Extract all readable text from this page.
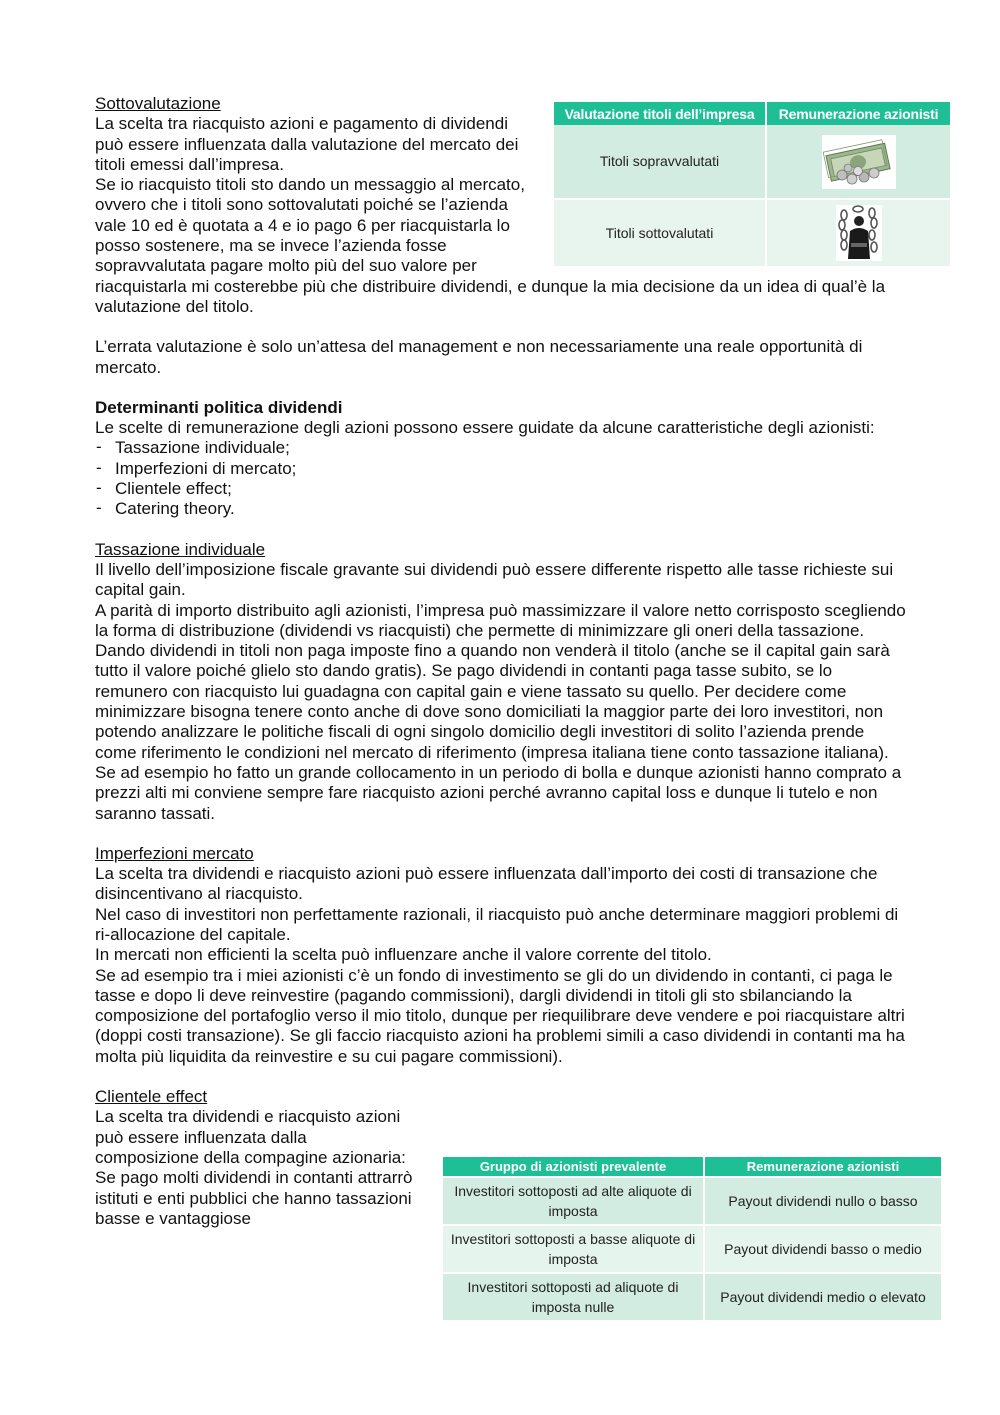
Valutazione titoli dell’impresa	Remunerazione azionisti
Titoli sopravvalutati	
Titoli sottovalutati	

Sottovalutazione

La scelta tra riacquisto azioni e pagamento di dividendi può essere influenzata dalla valutazione del mercato dei titoli emessi dall’impresa.

Se io riacquisto titoli sto dando un messaggio al mercato, ovvero che i titoli sono sottovalutati poiché se l’azienda vale 10 ed è quotata a 4 e io pago 6 per riacquistarla lo posso sostenere, ma se invece l’azienda fosse sopravvalutata pagare molto più del suo valore per riacquistarla mi costerebbe più che distribuire dividendi, e dunque la mia decisione da un idea di qual’è la valutazione del titolo.

L’errata valutazione è solo un’attesa del management e non necessariamente una reale opportunità di mercato.

Determinanti politica dividendi

Le scelte di remunerazione degli azioni possono essere guidate da alcune caratteristiche degli azionisti:

- Tassazione individuale;
- Imperfezioni di mercato;
- Clientele effect;
- Catering theory.

Tassazione individuale

Il livello dell’imposizione fiscale gravante sui dividendi può essere differente rispetto alle tasse richieste sui capital gain.

A parità di importo distribuito agli azionisti, l’impresa può massimizzare il valore netto corrisposto scegliendo la forma di distribuzione (dividendi vs riacquisti) che permette di minimizzare gli oneri della tassazione.

Dando dividendi in titoli non paga imposte fino a quando non venderà il titolo (anche se il capital gain sarà tutto il valore poiché glielo sto dando gratis). Se pago dividendi in contanti paga tasse subito, se lo remunero con riacquisto lui guadagna con capital gain e viene tassato su quello. Per decidere come minimizzare bisogna tenere conto anche di dove sono domiciliati la maggior parte dei loro investitori, non potendo analizzare le politiche fiscali di ogni singolo domicilio degli investitori di solito l’azienda prende come riferimento le condizioni nel mercato di riferimento (impresa italiana tiene conto tassazione italiana). Se ad esempio ho fatto un grande collocamento in un periodo di bolla e dunque azionisti hanno comprato a prezzi alti mi conviene sempre fare riacquisto azioni perché avranno capital loss e dunque li tutelo e non saranno tassati.

Imperfezioni mercato

La scelta tra dividendi e riacquisto azioni può essere influenzata dall’importo dei costi di transazione che disincentivano al riacquisto.

Nel caso di investitori non perfettamente razionali, il riacquisto può anche determinare maggiori problemi di ri-allocazione del capitale.

In mercati non efficienti la scelta può influenzare anche il valore corrente del titolo.

Se ad esempio tra i miei azionisti c’è un fondo di investimento se gli do un dividendo in contanti, ci paga le tasse e dopo li deve reinvestire (pagando commissioni), dargli dividendi in titoli gli sto sbilanciando la composizione del portafoglio verso il mio titolo, dunque per riequilibrare deve vendere e poi riacquistare altri (doppi costi transazione). Se gli faccio riacquisto azioni ha problemi simili a caso dividendi in contanti ma ha molta più liquidita da reinvestire e su cui pagare commissioni).

Clientele effect

La scelta tra dividendi e riacquisto azioni può essere influenzata dalla composizione della compagine azionaria:

Se pago molti dividendi in contanti attrarrò istituti e enti pubblici che hanno tassazioni basse e vantaggiose

Gruppo di azionisti prevalente	Remunerazione azionisti
Investitori sottoposti ad alte aliquote di imposta	Payout dividendi nullo o basso
Investitori sottoposti a basse aliquote di imposta	Payout dividendi basso o medio
Investitori sottoposti ad aliquote di imposta nulle	Payout dividendi medio o elevato
